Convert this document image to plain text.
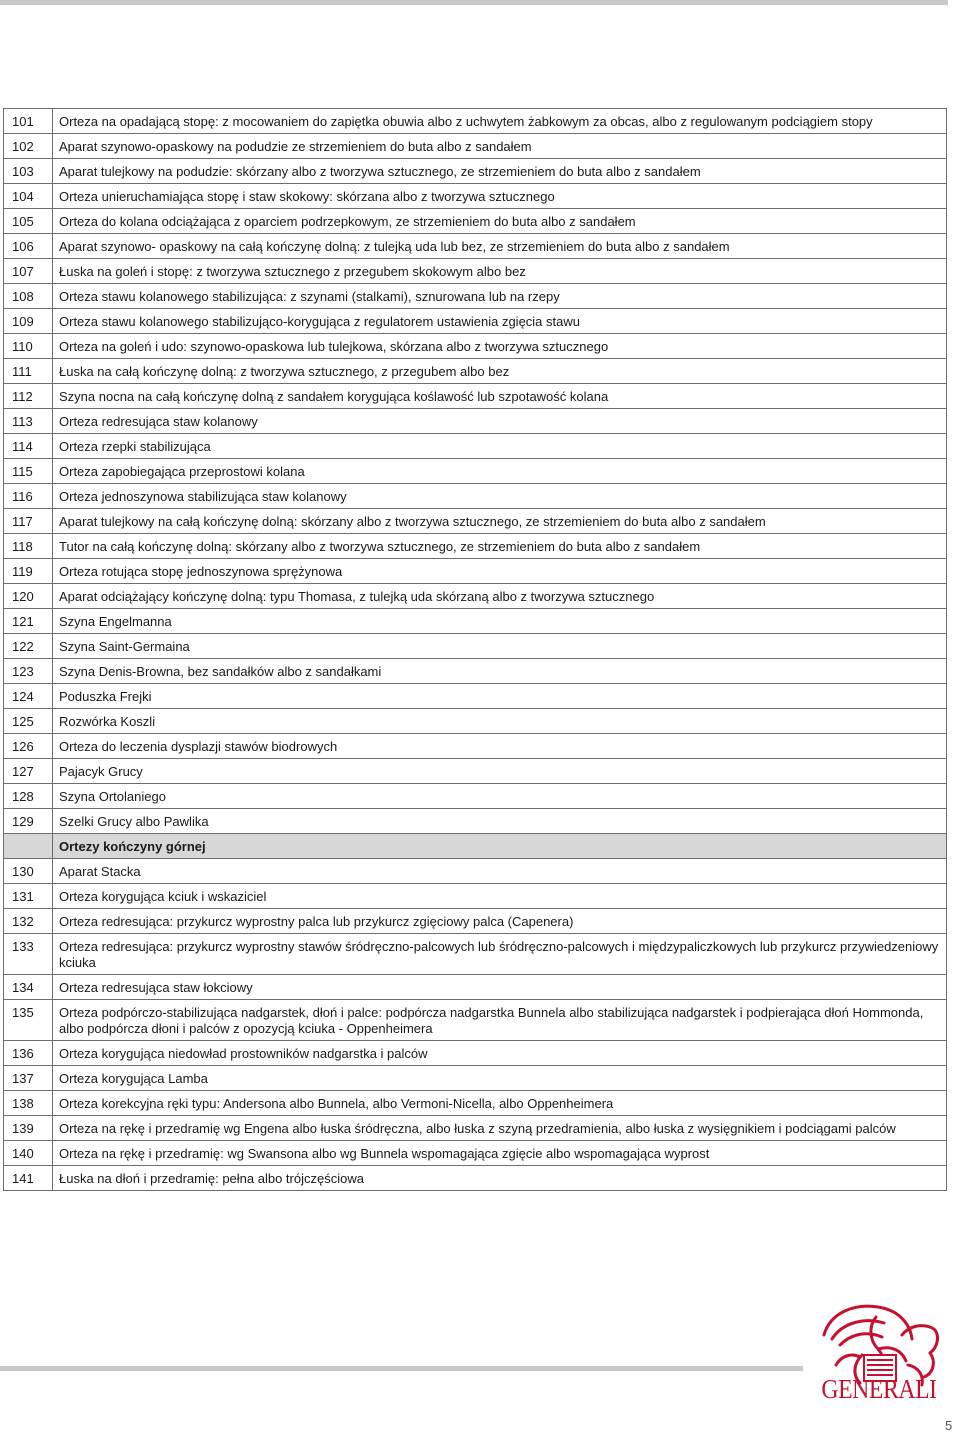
101	Orteza na opadającą stopę: z mocowaniem do zapiętka obuwia albo z uchwytem żabkowym za obcas, albo z regulowanym podciągiem stopy
102	Aparat szynowo-opaskowy na podudzie ze strzemieniem do buta albo z sandałem
103	Aparat tulejkowy na podudzie: skórzany albo z tworzywa sztucznego, ze strzemieniem do buta albo z sandałem
104	Orteza unieruchamiająca stopę i staw skokowy: skórzana albo z tworzywa sztucznego
105	Orteza do kolana odciążająca z oparciem podrzepkowym, ze strzemieniem do buta albo z sandałem
106	Aparat szynowo- opaskowy na całą kończynę dolną: z tulejką uda lub bez, ze strzemieniem do buta albo z sandałem
107	Łuska na goleń i stopę: z tworzywa sztucznego z przegubem skokowym albo bez
108	Orteza stawu kolanowego stabilizująca: z szynami (stalkami), sznurowana lub na rzepy
109	Orteza stawu kolanowego stabilizująco-korygująca z regulatorem ustawienia zgięcia stawu
110	Orteza na goleń i udo: szynowo-opaskowa lub tulejkowa, skórzana albo z tworzywa sztucznego
111	Łuska na całą kończynę dolną: z tworzywa sztucznego, z przegubem albo bez
112	Szyna nocna na całą kończynę dolną z sandałem korygująca koślawość lub szpotawość kolana
113	Orteza redresująca staw kolanowy
114	Orteza rzepki stabilizująca
115	Orteza zapobiegająca przeprostowi kolana
116	Orteza jednoszynowa stabilizująca staw kolanowy
117	Aparat tulejkowy na całą kończynę dolną: skórzany albo z tworzywa sztucznego, ze strzemieniem do buta albo z sandałem
118	Tutor na całą kończynę dolną: skórzany albo z tworzywa sztucznego, ze strzemieniem do buta albo z sandałem
119	Orteza rotująca stopę jednoszynowa sprężynowa
120	Aparat odciążający kończynę dolną: typu Thomasa, z tulejką uda skórzaną albo z tworzywa sztucznego
121	Szyna Engelmanna
122	Szyna Saint-Germaina
123	Szyna Denis-Browna, bez sandałków albo z sandałkami
124	Poduszka Frejki
125	Rozwórka Koszli
126	Orteza do leczenia dysplazji stawów biodrowych
127	Pajacyk Grucy
128	Szyna Ortolaniego
129	Szelki Grucy albo Pawlika
	Ortezy kończyny górnej
130	Aparat Stacka
131	Orteza korygująca kciuk i wskaziciel
132	Orteza redresująca: przykurcz wyprostny palca lub przykurcz zgięciowy palca (Capenera)
133	Orteza redresująca: przykurcz wyprostny stawów śródręczno-palcowych lub śródręczno-palcowych i międzypaliczkowych lub przykurcz przywiedzeniowy kciuka
134	Orteza redresująca staw łokciowy
135	Orteza podpórczo-stabilizująca nadgarstek, dłoń i palce: podpórcza nadgarstka Bunnela albo stabilizująca nadgarstek i podpierająca dłoń Hommonda, albo podpórcza dłoni i palców z opozycją kciuka - Oppenheimera
136	Orteza korygująca niedowład prostowników nadgarstka i palców
137	Orteza korygująca Lamba
138	Orteza korekcyjna ręki typu: Andersona albo Bunnela, albo Vermoni-Nicella, albo Oppenheimera
139	Orteza na rękę i przedramię wg Engena albo łuska śródręczna, albo łuska z szyną przedramienia, albo łuska z wysięgnikiem i podciągami palców
140	Orteza na rękę i przedramię: wg Swansona albo wg Bunnela wspomagająca zgięcie albo wspomagająca wyprost
141	Łuska na dłoń i przedramię: pełna albo trójczęściowa
GENERALI
5
